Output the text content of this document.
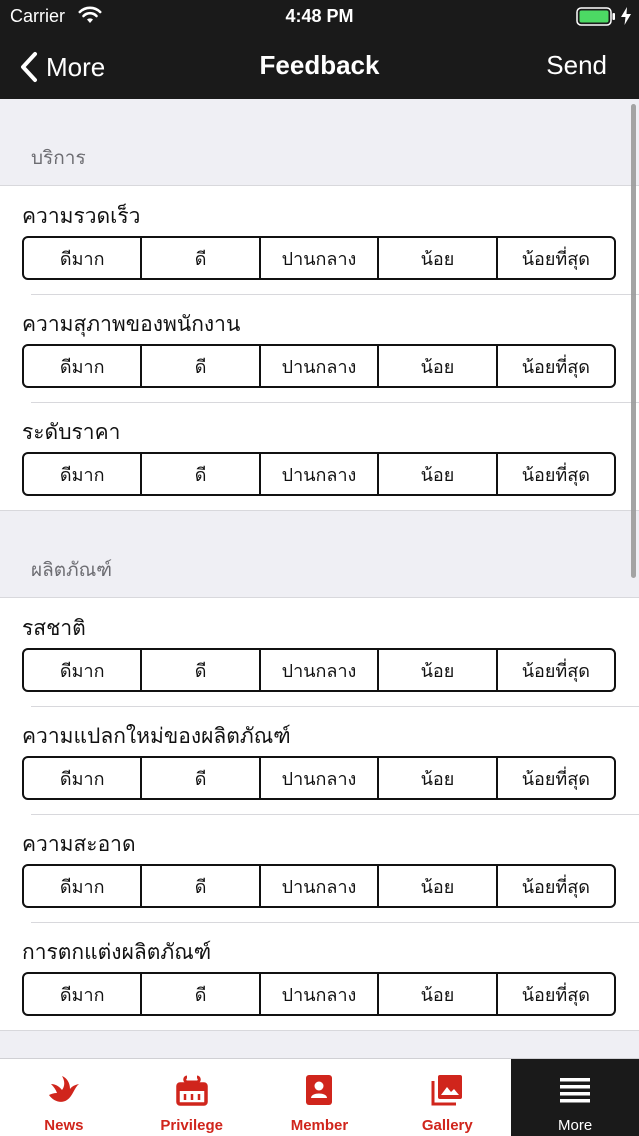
Carrier	4:48 PM
More	Feedback	Send
บริการ
ความรวดเร็ว
ดีมาก	ดี	ปานกลาง	น้อย	น้อยที่สุด
ความสุภาพของพนักงาน
ดีมาก	ดี	ปานกลาง	น้อย	น้อยที่สุด
ระดับราคา
ดีมาก	ดี	ปานกลาง	น้อย	น้อยที่สุด
ผลิตภัณฑ์
รสชาติ
ดีมาก	ดี	ปานกลาง	น้อย	น้อยที่สุด
ความแปลกใหม่ของผลิตภัณฑ์
ดีมาก	ดี	ปานกลาง	น้อย	น้อยที่สุด
ความสะอาด
ดีมาก	ดี	ปานกลาง	น้อย	น้อยที่สุด
การตกแต่งผลิตภัณฑ์
ดีมาก	ดี	ปานกลาง	น้อย	น้อยที่สุด
News	Privilege	Member	Gallery	More
